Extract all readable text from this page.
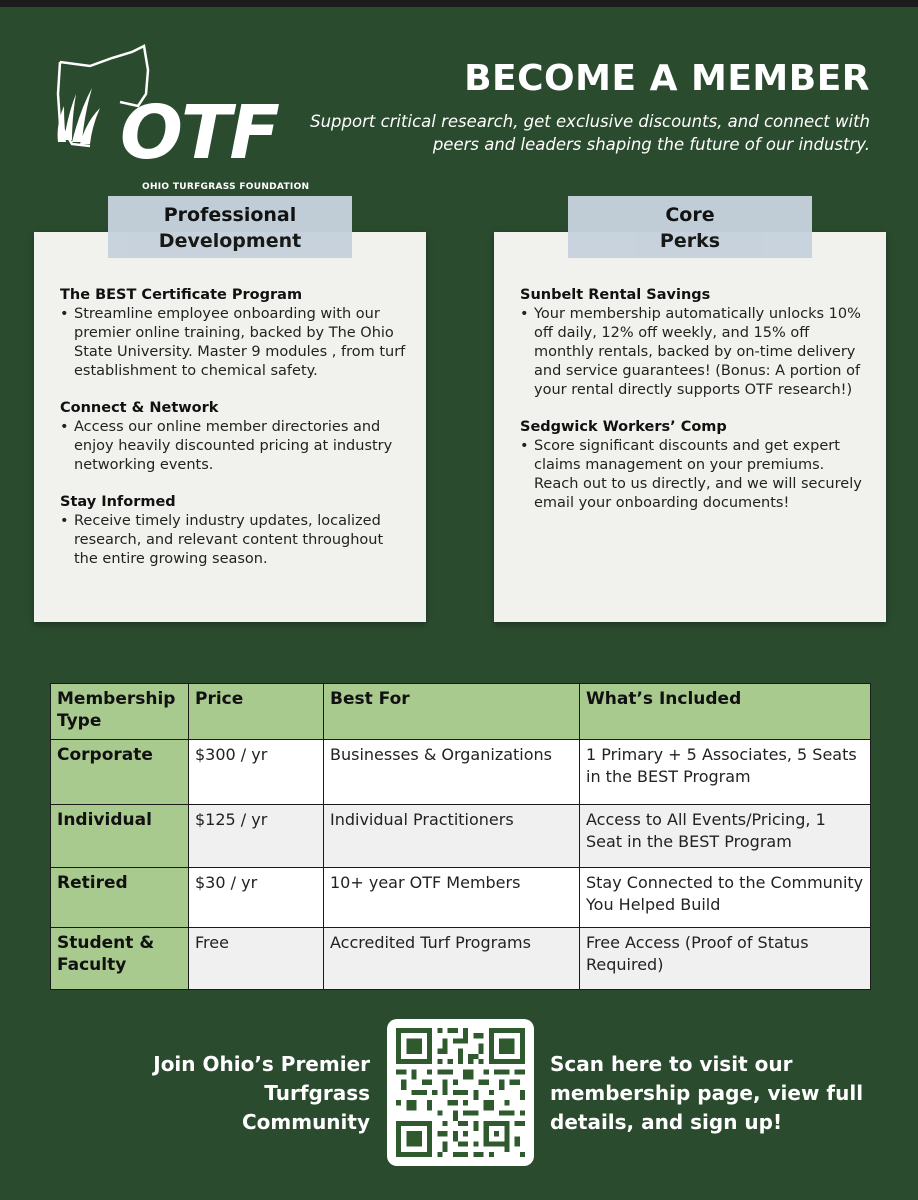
OTF
OHIO TURFGRASS FOUNDATION
BECOME A MEMBER
Support critical research, get exclusive discounts, and connect with peers and leaders shaping the future of our industry.
The BEST Certificate Program
• Streamline employee onboarding with our premier online training, backed by The Ohio State University. Master 9 modules , from turf establishment to chemical safety.
Connect & Network
• Access our online member directories and enjoy heavily discounted pricing at industry networking events.
Stay Informed
• Receive timely industry updates, localized research, and relevant content throughout the entire growing season.
Professional
Development
Sunbelt Rental Savings
• Your membership automatically unlocks 10% off daily, 12% off weekly, and 15% off monthly rentals, backed by on-time delivery and service guarantees! (Bonus: A portion of your rental directly supports OTF research!)
Sedgwick Workers’ Comp
• Score significant discounts and get expert claims management on your premiums. Reach out to us directly, and we will securely email your onboarding documents!
Core
Perks
Membership Type	Price	Best For	What’s Included
Corporate	$300 / yr	Businesses & Organizations	1 Primary + 5 Associates, 5 Seats in the BEST Program
Individual	$125 / yr	Individual Practitioners	Access to All Events/Pricing, 1 Seat in the BEST Program
Retired	$30 / yr	10+ year OTF Members	Stay Connected to the Community You Helped Build
Student & Faculty	Free	Accredited Turf Programs	Free Access (Proof of Status Required)
Join Ohio’s Premier Turfgrass Community
Scan here to visit our membership page, view full details, and sign up!
